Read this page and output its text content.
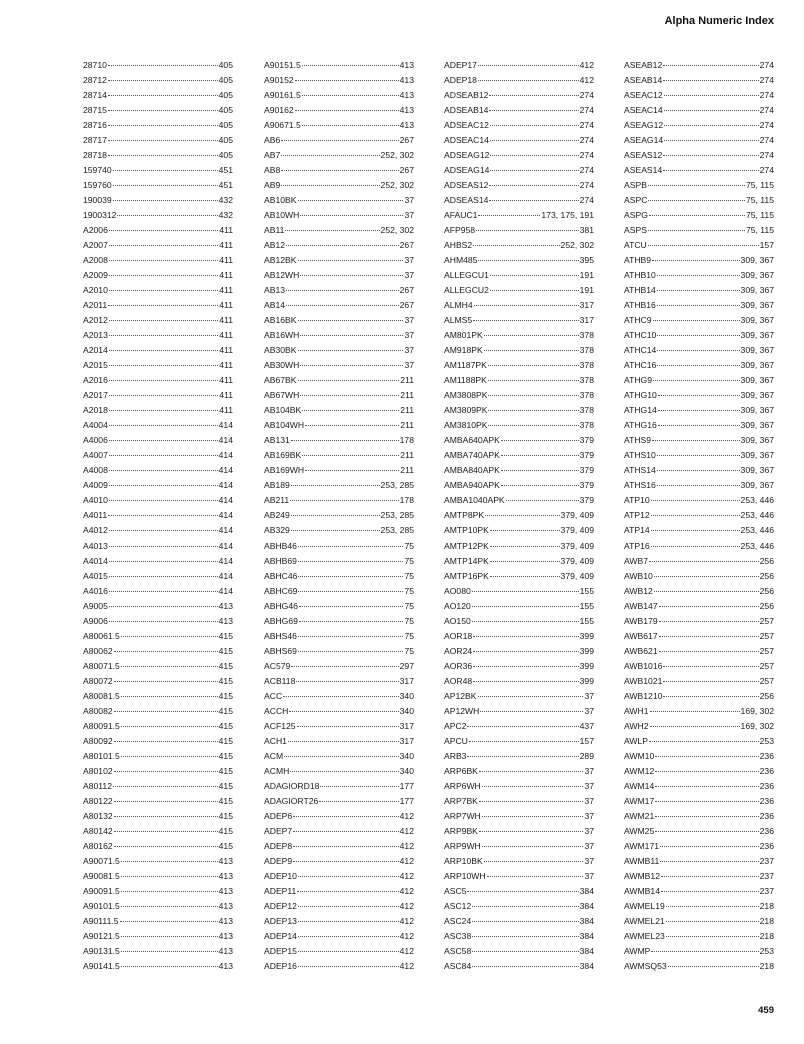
Alpha Numeric Index
28710	405
28712	405
28714	405
28715	405
28716	405
28717	405
28718	405
159740	451
159760	451
190039	432
1900312	432
A2006	411
A2007	411
A2008	411
A2009	411
A2010	411
A2011	411
A2012	411
A2013	411
A2014	411
A2015	411
A2016	411
A2017	411
A2018	411
A4004	414
A4006	414
A4007	414
A4008	414
A4009	414
A4010	414
A4011	414
A4012	414
A4013	414
A4014	414
A4015	414
A4016	414
A9005	413
A9006	413
A80061.5	415
A80062	415
A80071.5	415
A80072	415
A80081.5	415
A80082	415
A80091.5	415
A80092	415
A80101.5	415
A80102	415
A80112	415
A80122	415
A80132	415
A80142	415
A80162	415
A90071.5	413
A90081.5	413
A90091.5	413
A90101.5	413
A90111.5	413
A90121.5	413
A90131.5	413
A90141.5	413
A90151.5	413
A90152	413
A90161.5	413
A90162	413
A90671.5	413
AB6	267
AB7	252, 302
AB8	267
AB9	252, 302
AB10BK	37
AB10WH	37
AB11	252, 302
AB12	267
AB12BK	37
AB12WH	37
AB13	267
AB14	267
AB16BK	37
AB16WH	37
AB30BK	37
AB30WH	37
AB67BK	211
AB67WH	211
AB104BK	211
AB104WH	211
AB131	178
AB169BK	211
AB169WH	211
AB189	253, 285
AB211	178
AB249	253, 285
AB329	253, 285
ABHB46	75
ABHB69	75
ABHC46	75
ABHC69	75
ABHG46	75
ABHG69	75
ABHS46	75
ABHS69	75
AC579	297
ACB118	317
ACC	340
ACCH	340
ACF125	317
ACH1	317
ACM	340
ACMH	340
ADAGIORD18	177
ADAGIORT26	177
ADEP6	412
ADEP7	412
ADEP8	412
ADEP9	412
ADEP10	412
ADEP11	412
ADEP12	412
ADEP13	412
ADEP14	412
ADEP15	412
ADEP16	412
ADEP17	412
ADEP18	412
ADSEAB12	274
ADSEAB14	274
ADSEAC12	274
ADSEAC14	274
ADSEAG12	274
ADSEAG14	274
ADSEAS12	274
ADSEAS14	274
AFAUC1	173, 175, 191
AFP958	381
AHBS2	252, 302
AHM485	395
ALLEGCU1	191
ALLEGCU2	191
ALMH4	317
ALMS5	317
AM801PK	378
AM918PK	378
AM1187PK	378
AM1188PK	378
AM3808PK	378
AM3809PK	378
AM3810PK	378
AMBA640APK	379
AMBA740APK	379
AMBA840APK	379
AMBA940APK	379
AMBA1040APK	379
AMTP8PK	379, 409
AMTP10PK	379, 409
AMTP12PK	379, 409
AMTP14PK	379, 409
AMTP16PK	379, 409
AO080	155
AO120	155
AO150	155
AOR18	399
AOR24	399
AOR36	399
AOR48	399
AP12BK	37
AP12WH	37
APC2	437
APCU	157
ARB3	289
ARP6BK	37
ARP6WH	37
ARP7BK	37
ARP7WH	37
ARP9BK	37
ARP9WH	37
ARP10BK	37
ARP10WH	37
ASC5	384
ASC12	384
ASC24	384
ASC38	384
ASC58	384
ASC84	384
ASEAB12	274
ASEAB14	274
ASEAC12	274
ASEAC14	274
ASEAG12	274
ASEAG14	274
ASEAS12	274
ASEAS14	274
ASPB	75, 115
ASPC	75, 115
ASPG	75, 115
ASPS	75, 115
ATCU	157
ATHB9	309, 367
ATHB10	309, 367
ATHB14	309, 367
ATHB16	309, 367
ATHC9	309, 367
ATHC10	309, 367
ATHC14	309, 367
ATHC16	309, 367
ATHG9	309, 367
ATHG10	309, 367
ATHG14	309, 367
ATHG16	309, 367
ATHS9	309, 367
ATHS10	309, 367
ATHS14	309, 367
ATHS16	309, 367
ATP10	253, 446
ATP12	253, 446
ATP14	253, 446
ATP16	253, 446
AWB7	256
AWB10	256
AWB12	256
AWB147	256
AWB179	257
AWB617	257
AWB621	257
AWB1016	257
AWB1021	257
AWB1210	256
AWH1	169, 302
AWH2	169, 302
AWLP	253
AWM10	236
AWM12	236
AWM14	236
AWM17	236
AWM21	236
AWM25	236
AWM171	236
AWMB11	237
AWMB12	237
AWMB14	237
AWMEL19	218
AWMEL21	218
AWMEL23	218
AWMP	253
AWMSQ53	218
459
